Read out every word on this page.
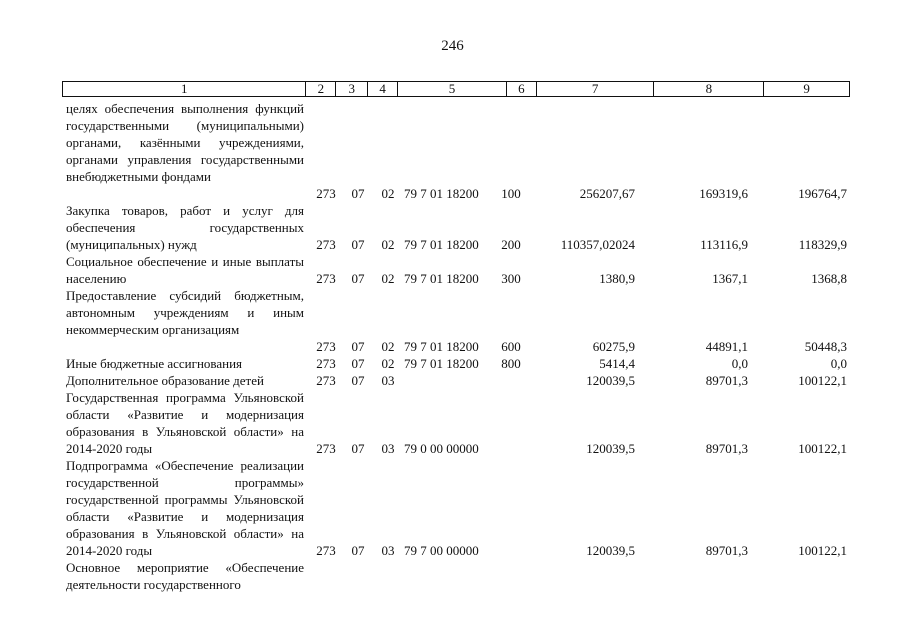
246
1	2	3	4	5	6	7	8	9
целях обеспечения выполнения функций государственными (муниципальными) органами, казёнными учреждениями, органами управления государственными внебюджетными фондами
273	07	02 79 7 01 18200	100	256207,67	169319,6	196764,7
Закупка товаров, работ и услуг для обеспечения государственных (муниципальных) нужд	273	07	02 79 7 01 18200	200	110357,02024	113116,9	118329,9
Социальное обеспечение и иные выплаты населению	273	07	02 79 7 01 18200	300	1380,9	1367,1	1368,8
Предоставление субсидий бюджетным, автономным учреждениям и иным некоммерческим организациям
273	07	02 79 7 01 18200	600	60275,9	44891,1	50448,3
Иные бюджетные ассигнования	273	07	02 79 7 01 18200	800	5414,4	0,0	0,0
Дополнительное образование детей	273	07	03	120039,5	89701,3	100122,1
Государственная программа Ульяновской области «Развитие и модернизация образования в Ульяновской области» на 2014-2020 годы	273	07	03 79 0 00 00000	120039,5	89701,3	100122,1
Подпрограмма «Обеспечение реализации государственной программы» государственной программы Ульяновской области «Развитие и модернизация образования в Ульяновской области» на 2014-2020 годы	273	07	03 79 7 00 00000	120039,5	89701,3	100122,1
Основное мероприятие «Обеспечение деятельности государственного
